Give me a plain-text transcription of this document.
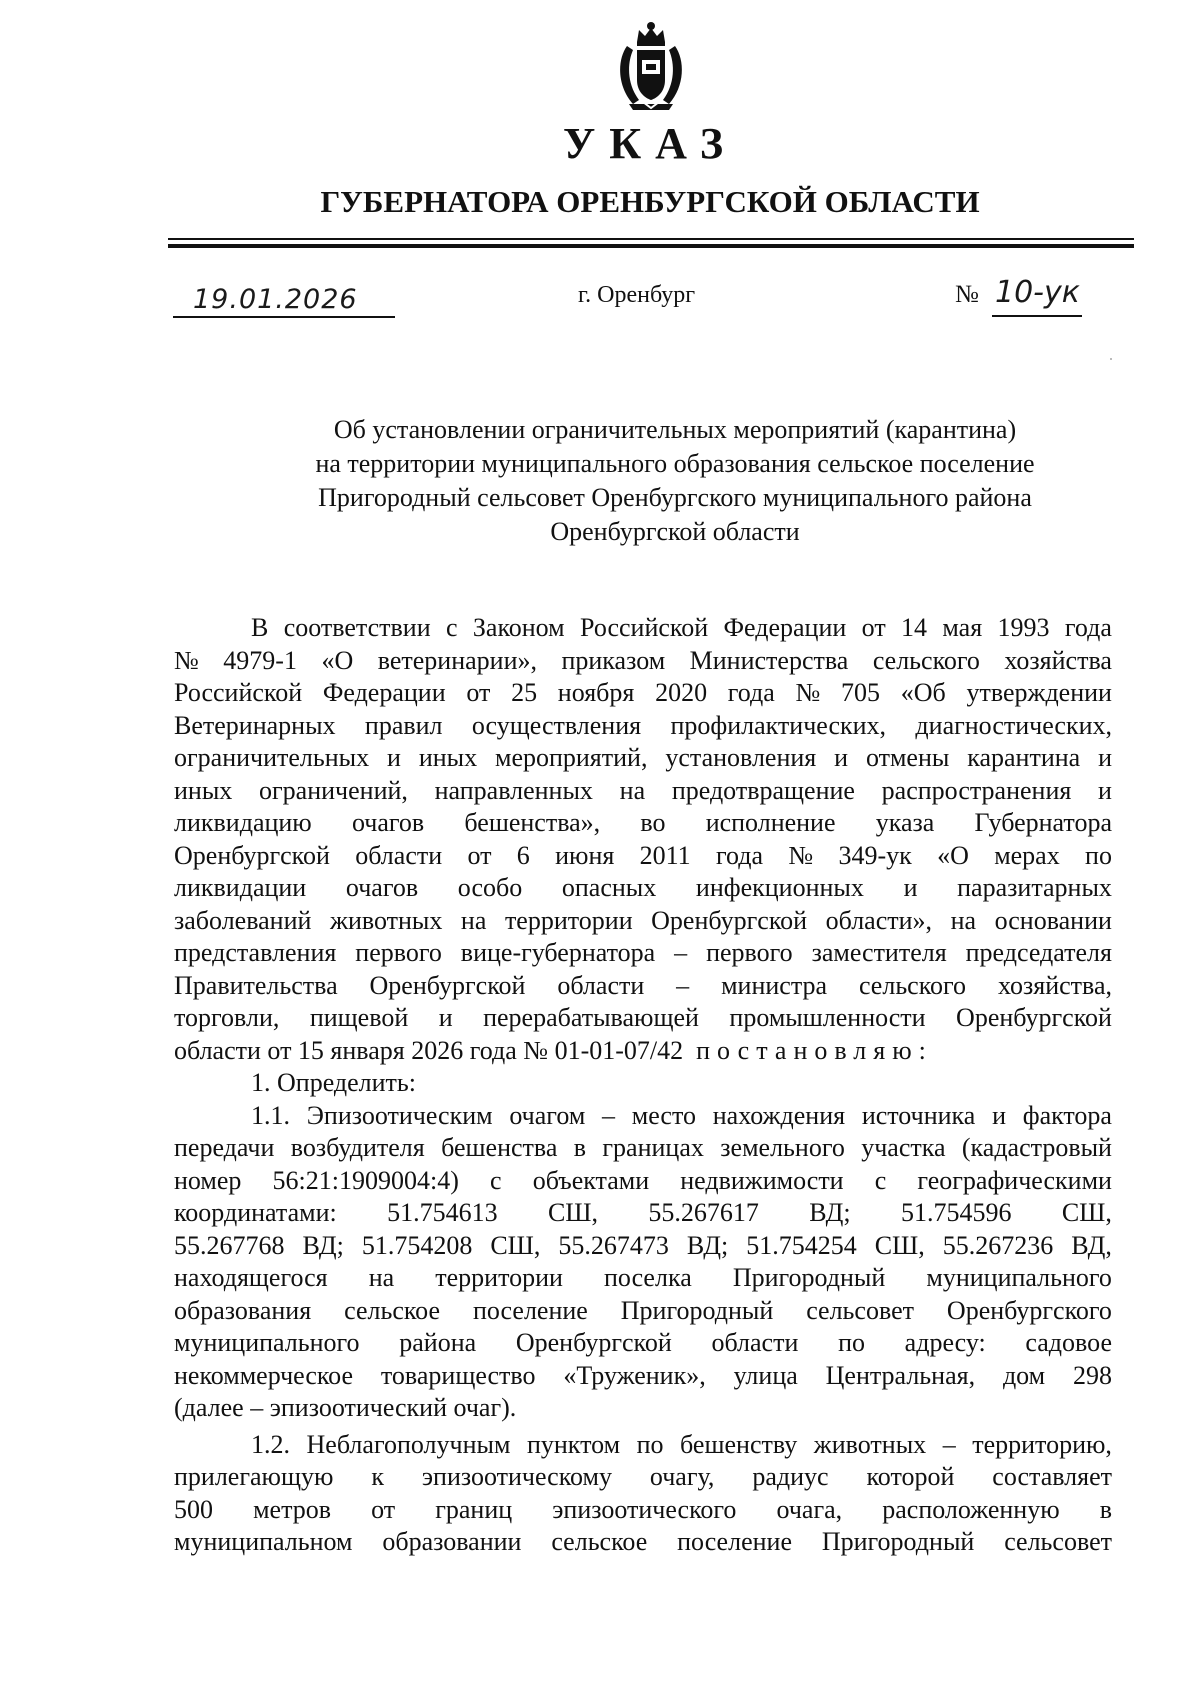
УКАЗ
ГУБЕРНАТОРА ОРЕНБУРГСКОЙ ОБЛАСТИ
19.01.2026	г. Оренбург	№ 10-ук
Об установлении ограничительных мероприятий (карантина)
на территории муниципального образования сельское поселение
Пригородный сельсовет Оренбургского муниципального района
Оренбургской области
В соответствии с Законом Российской Федерации от 14 мая 1993 года
№ 4979-1 «О ветеринарии», приказом Министерства сельского хозяйства
Российской Федерации от 25 ноября 2020 года № 705 «Об утверждении
Ветеринарных правил осуществления профилактических, диагностических,
ограничительных и иных мероприятий, установления и отмены карантина и
иных ограничений, направленных на предотвращение распространения и
ликвидацию очагов бешенства», во исполнение указа Губернатора
Оренбургской области от 6 июня 2011 года № 349-ук «О мерах по
ликвидации очагов особо опасных инфекционных и паразитарных
заболеваний животных на территории Оренбургской области», на основании
представления первого вице-губернатора – первого заместителя председателя
Правительства Оренбургской области – министра сельского хозяйства,
торговли, пищевой и перерабатывающей промышленности Оренбургской
области от 15 января 2026 года № 01-01-07/42
постановляю:
1. Определить:
1.1. Эпизоотическим очагом – место нахождения источника и фактора
передачи возбудителя бешенства в границах земельного участка (кадастровый
номер 56:21:1909004:4) с объектами недвижимости с географическими
координатами: 51.754613 СШ, 55.267617 ВД; 51.754596 СШ,
55.267768 ВД; 51.754208 СШ, 55.267473 ВД; 51.754254 СШ, 55.267236 ВД,
находящегося на территории поселка Пригородный муниципального
образования сельское поселение Пригородный сельсовет Оренбургского
муниципального района Оренбургской области по адресу: садовое
некоммерческое товарищество «Труженик», улица Центральная, дом 298
(далее – эпизоотический очаг).
1.2. Неблагополучным пунктом по бешенству животных – территорию,
прилегающую к эпизоотическому очагу, радиус которой составляет
500 метров от границ эпизоотического очага, расположенную в
муниципальном образовании сельское поселение Пригородный сельсовет
